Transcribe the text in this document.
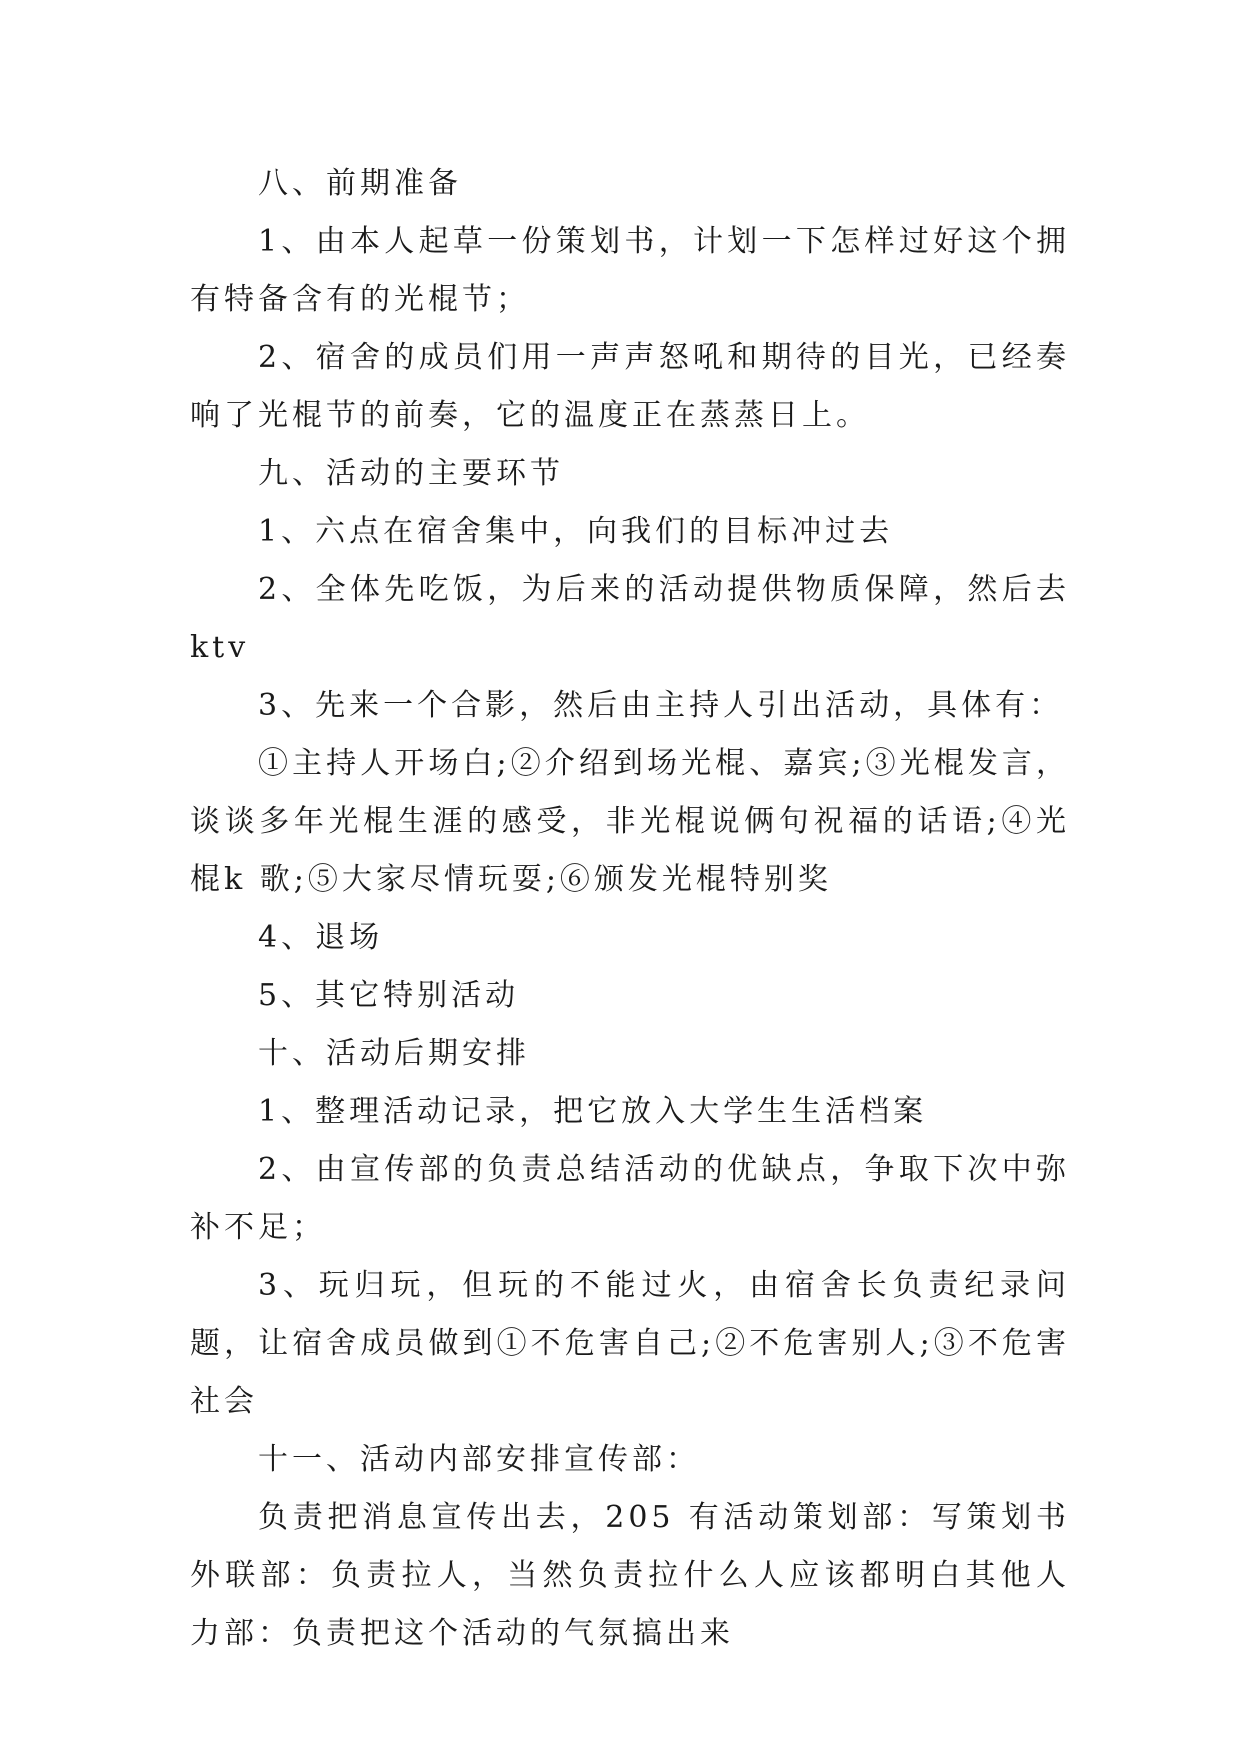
八、前期准备

1、由本人起草一份策划书，计划一下怎样过好这个拥有特备含有的光棍节；

2、宿舍的成员们用一声声怒吼和期待的目光，已经奏响了光棍节的前奏，它的温度正在蒸蒸日上。

九、活动的主要环节

1、六点在宿舍集中，向我们的目标冲过去

2、全体先吃饭，为后来的活动提供物质保障，然后去 ktv

3、先来一个合影，然后由主持人引出活动，具体有：

①主持人开场白;②介绍到场光棍、嘉宾;③光棍发言，谈谈多年光棍生涯的感受，非光棍说俩句祝福的话语;④光棍k 歌;⑤大家尽情玩耍;⑥颁发光棍特别奖

4、退场

5、其它特别活动

十、活动后期安排

1、整理活动记录，把它放入大学生生活档案

2、由宣传部的负责总结活动的优缺点，争取下次中弥补不足；

3、玩归玩，但玩的不能过火，由宿舍长负责纪录问题，让宿舍成员做到①不危害自己;②不危害别人;③不危害社会

十一、活动内部安排宣传部：

负责把消息宣传出去，205 有活动策划部：写策划书外联部：负责拉人，当然负责拉什么人应该都明白其他人力部：负责把这个活动的气氛搞出来
